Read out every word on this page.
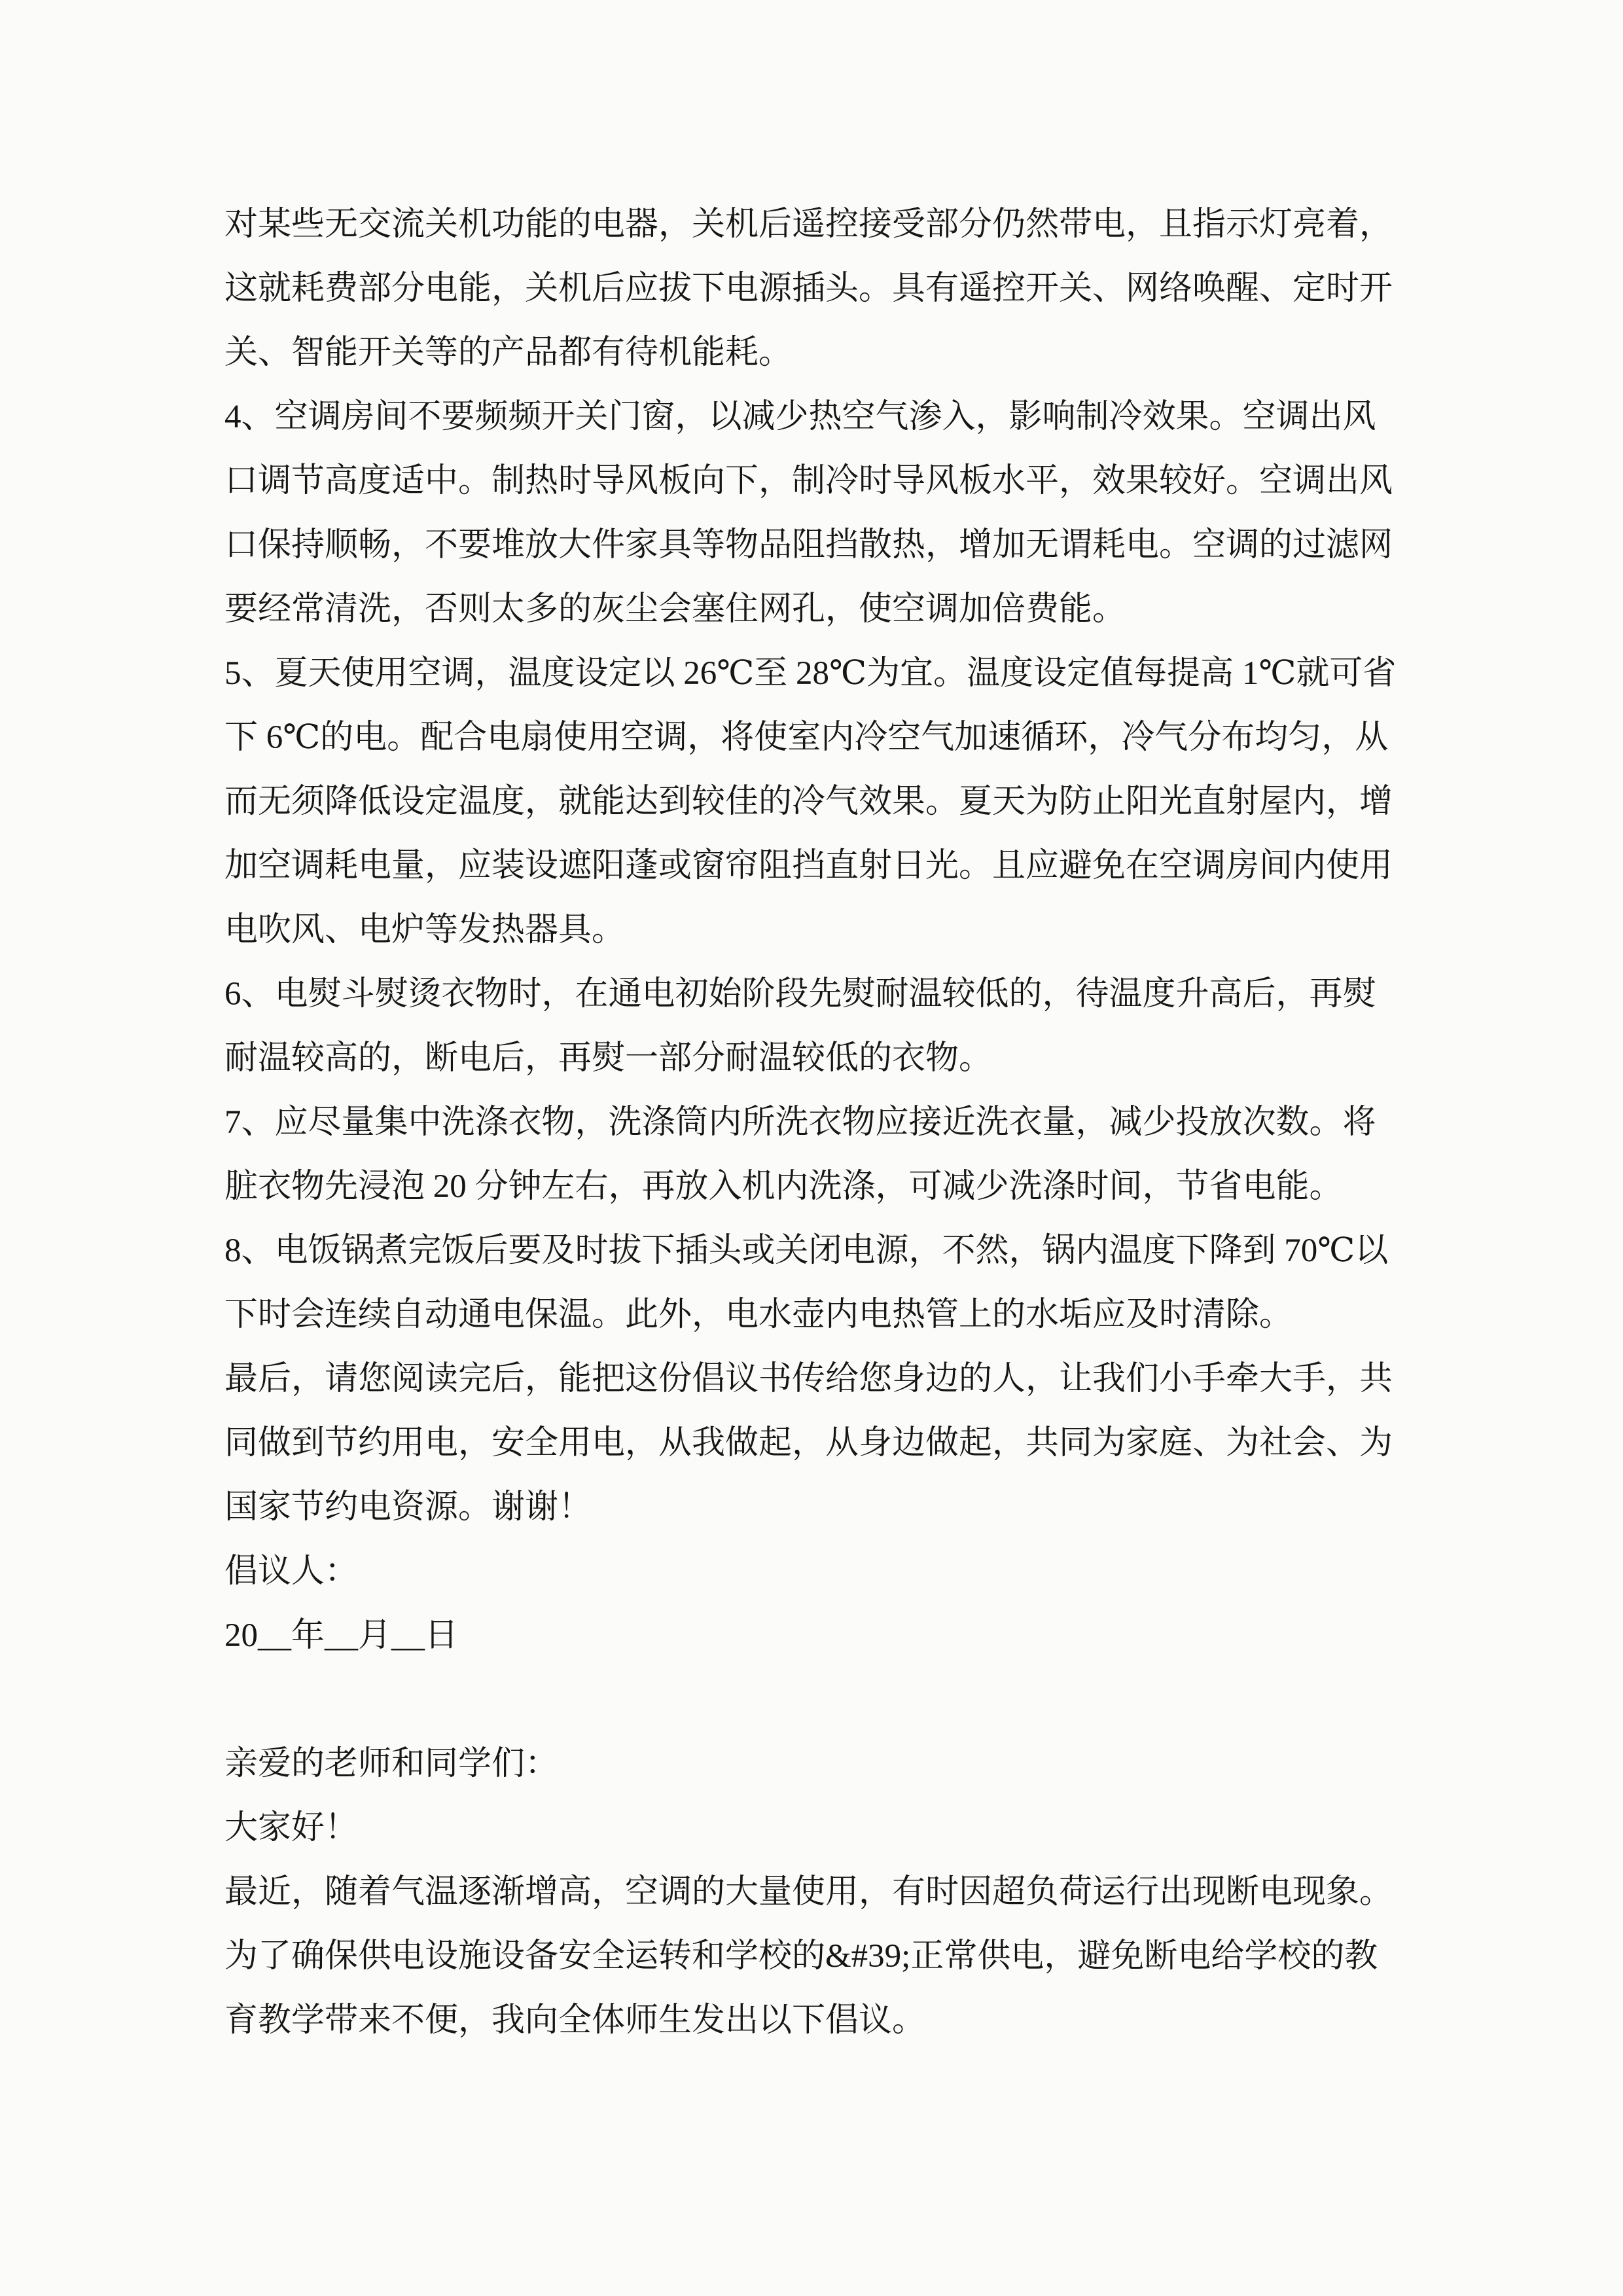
对某些无交流关机功能的电器，关机后遥控接受部分仍然带电，且指示灯亮着，
这就耗费部分电能，关机后应拔下电源插头。具有遥控开关、网络唤醒、定时开
关、智能开关等的产品都有待机能耗。
4、空调房间不要频频开关门窗，以减少热空气渗入，影响制冷效果。空调出风
口调节高度适中。制热时导风板向下，制冷时导风板水平，效果较好。空调出风
口保持顺畅，不要堆放大件家具等物品阻挡散热，增加无谓耗电。空调的过滤网
要经常清洗，否则太多的灰尘会塞住网孔，使空调加倍费能。
5、夏天使用空调，温度设定以 26℃至 28℃为宜。温度设定值每提高 1℃就可省
下 6℃的电。配合电扇使用空调，将使室内冷空气加速循环，冷气分布均匀，从
而无须降低设定温度，就能达到较佳的冷气效果。夏天为防止阳光直射屋内，增
加空调耗电量，应装设遮阳蓬或窗帘阻挡直射日光。且应避免在空调房间内使用
电吹风、电炉等发热器具。
6、电熨斗熨烫衣物时，在通电初始阶段先熨耐温较低的，待温度升高后，再熨
耐温较高的，断电后，再熨一部分耐温较低的衣物。
7、应尽量集中洗涤衣物，洗涤筒内所洗衣物应接近洗衣量，减少投放次数。将
脏衣物先浸泡 20 分钟左右，再放入机内洗涤，可减少洗涤时间，节省电能。
8、电饭锅煮完饭后要及时拔下插头或关闭电源，不然，锅内温度下降到 70℃以
下时会连续自动通电保温。此外，电水壶内电热管上的水垢应及时清除。
最后，请您阅读完后，能把这份倡议书传给您身边的人，让我们小手牵大手，共
同做到节约用电，安全用电，从我做起，从身边做起，共同为家庭、为社会、为
国家节约电资源。谢谢！
倡议人：
20__年__月__日
亲爱的老师和同学们：
大家好！
最近，随着气温逐渐增高，空调的大量使用，有时因超负荷运行出现断电现象。
为了确保供电设施设备安全运转和学校的&#39;正常供电，避免断电给学校的教
育教学带来不便，我向全体师生发出以下倡议。
